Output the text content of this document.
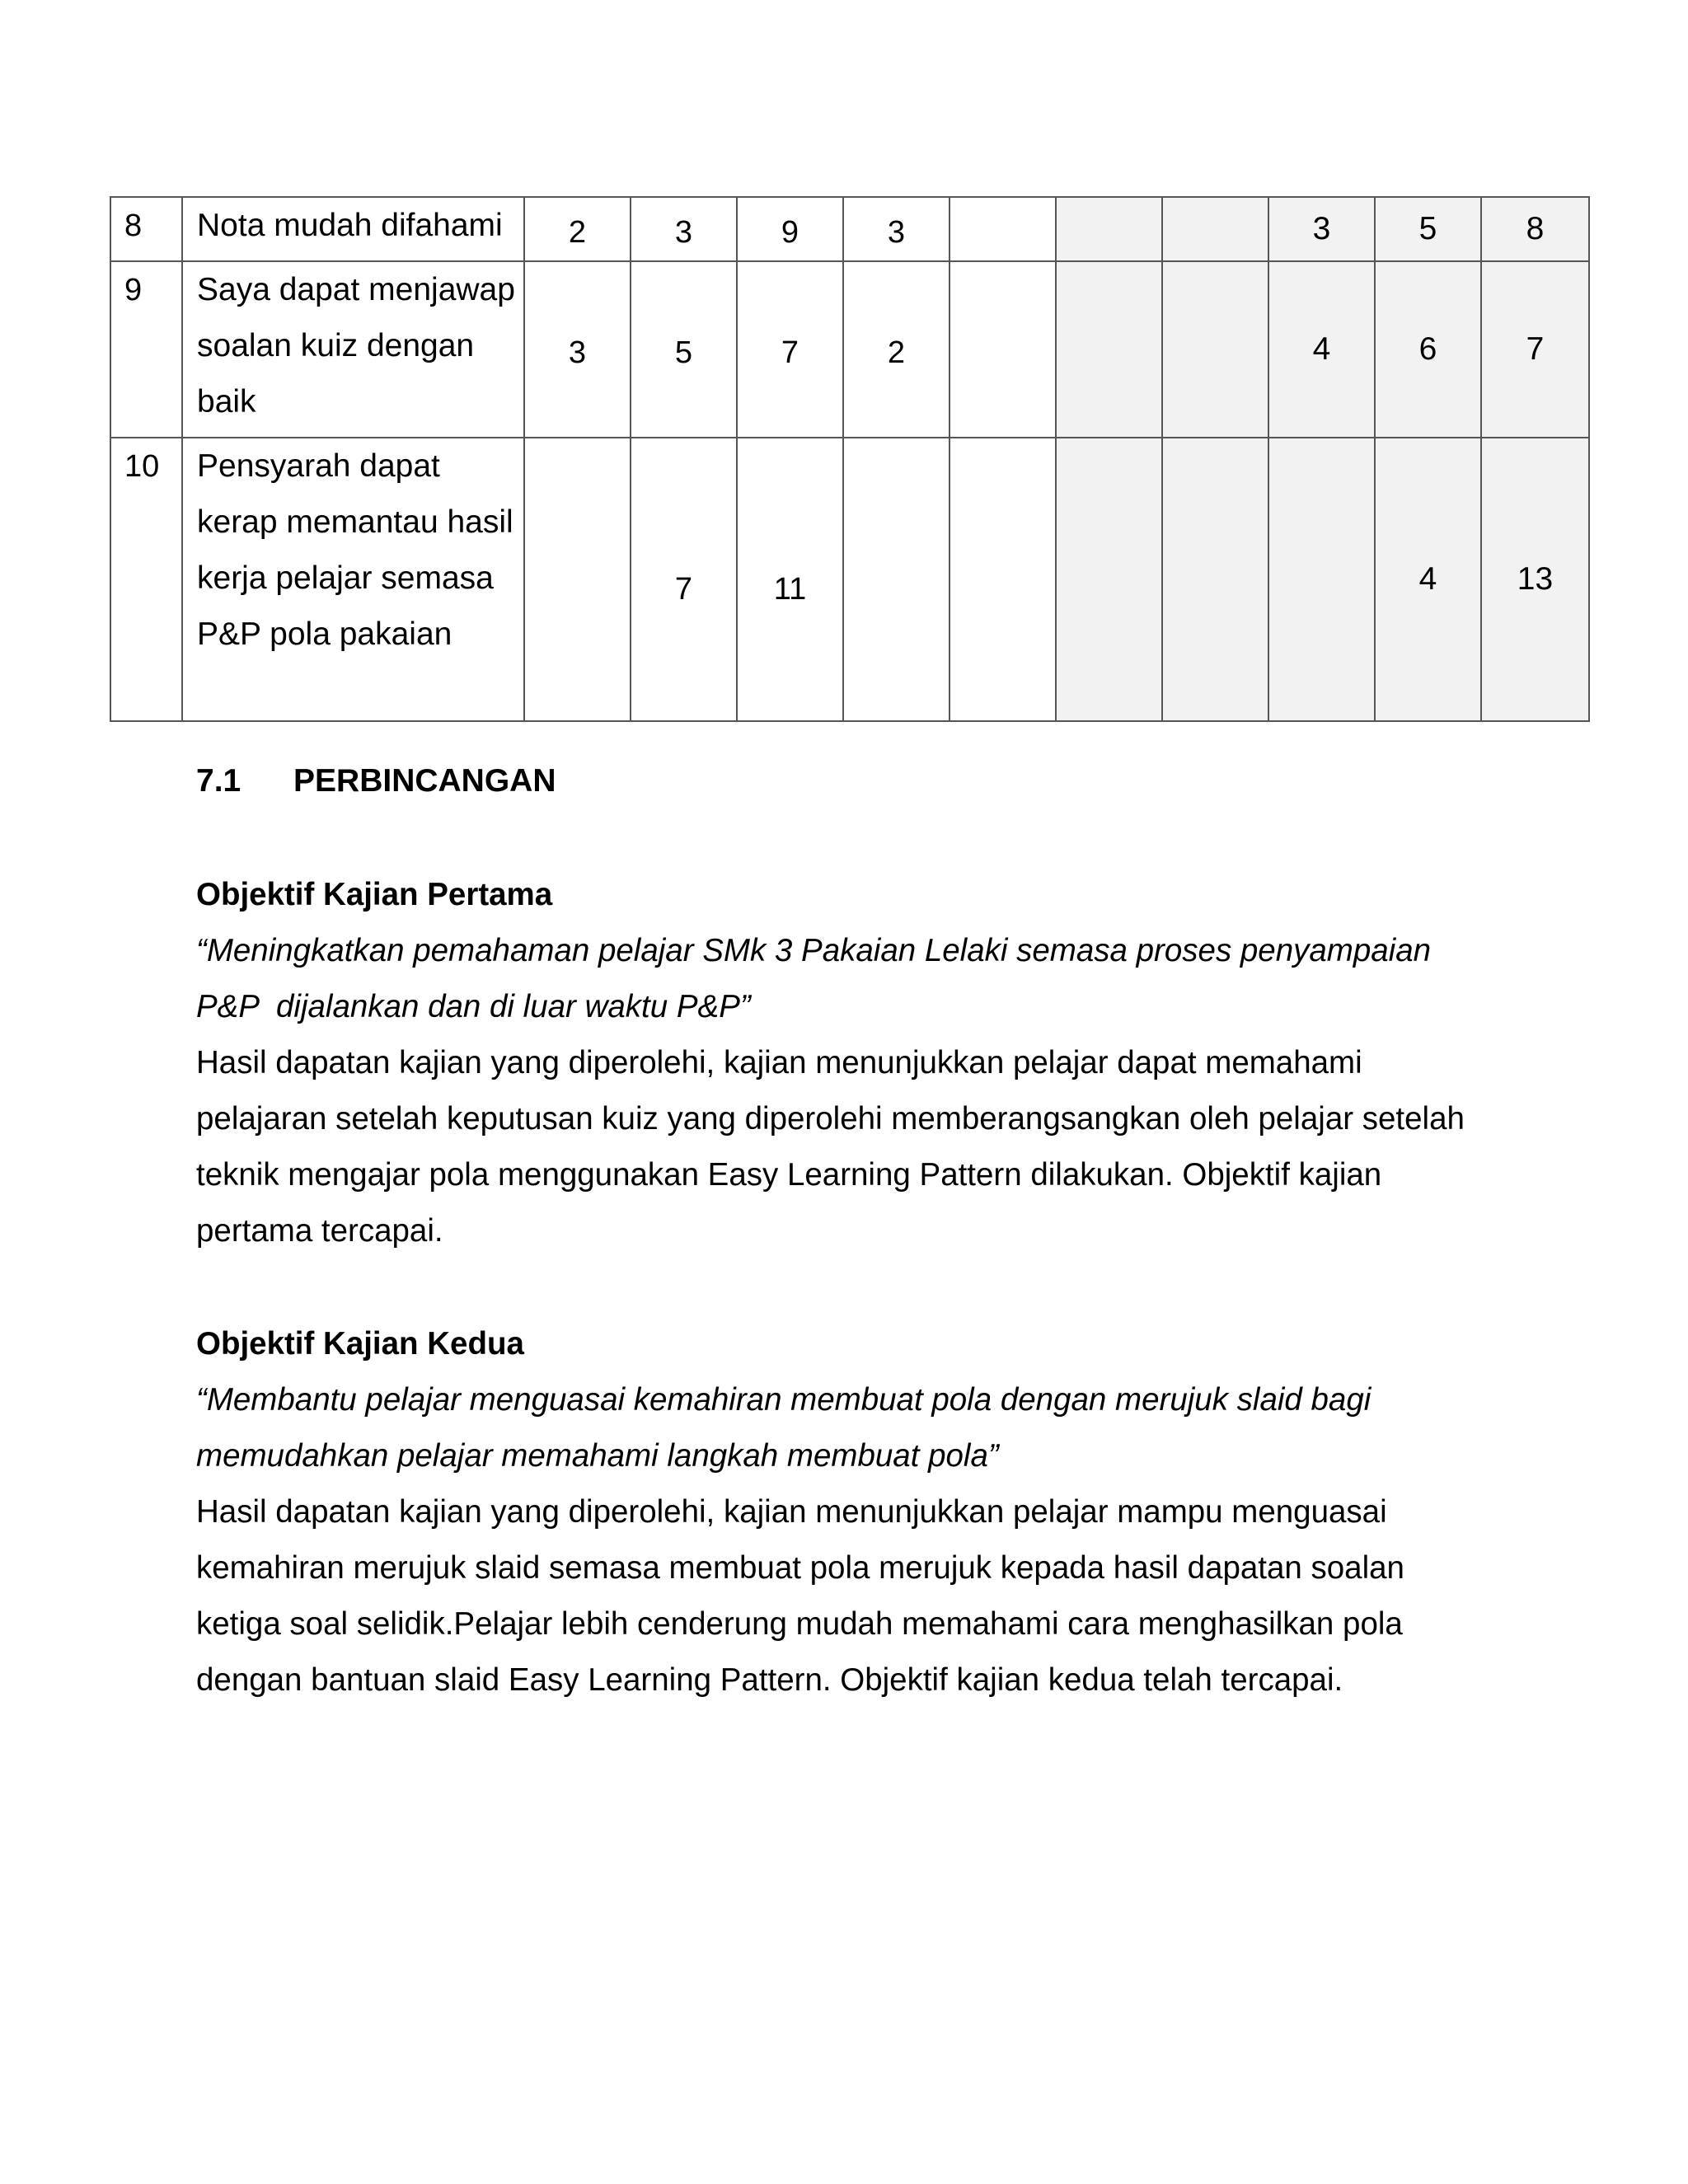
8	Nota mudah difahami	2	3	9	3				3	5	8
9	Saya dapat menjawap soalan kuiz dengan baik	3	5	7	2				4	6	7
10	Pensyarah dapat kerap memantau hasil kerja pelajar semasa P&P pola pakaian		7	11						4	13
7.1 PERBINCANGAN
Objektif Kajian Pertama
“Meningkatkan pemahaman pelajar SMk 3 Pakaian Lelaki semasa proses penyampaian P&P  dijalankan dan di luar waktu P&P”
Hasil dapatan kajian yang diperolehi, kajian menunjukkan pelajar dapat memahami pelajaran setelah keputusan kuiz yang diperolehi memberangsangkan oleh pelajar setelah teknik mengajar pola menggunakan Easy Learning Pattern dilakukan. Objektif kajian pertama tercapai.
Objektif Kajian Kedua
“Membantu pelajar menguasai kemahiran membuat pola dengan merujuk slaid bagi memudahkan pelajar memahami langkah membuat pola”
Hasil dapatan kajian yang diperolehi, kajian menunjukkan pelajar mampu menguasai kemahiran merujuk slaid semasa membuat pola merujuk kepada hasil dapatan soalan ketiga soal selidik.Pelajar lebih cenderung mudah memahami cara menghasilkan pola dengan bantuan slaid Easy Learning Pattern. Objektif kajian kedua telah tercapai.
